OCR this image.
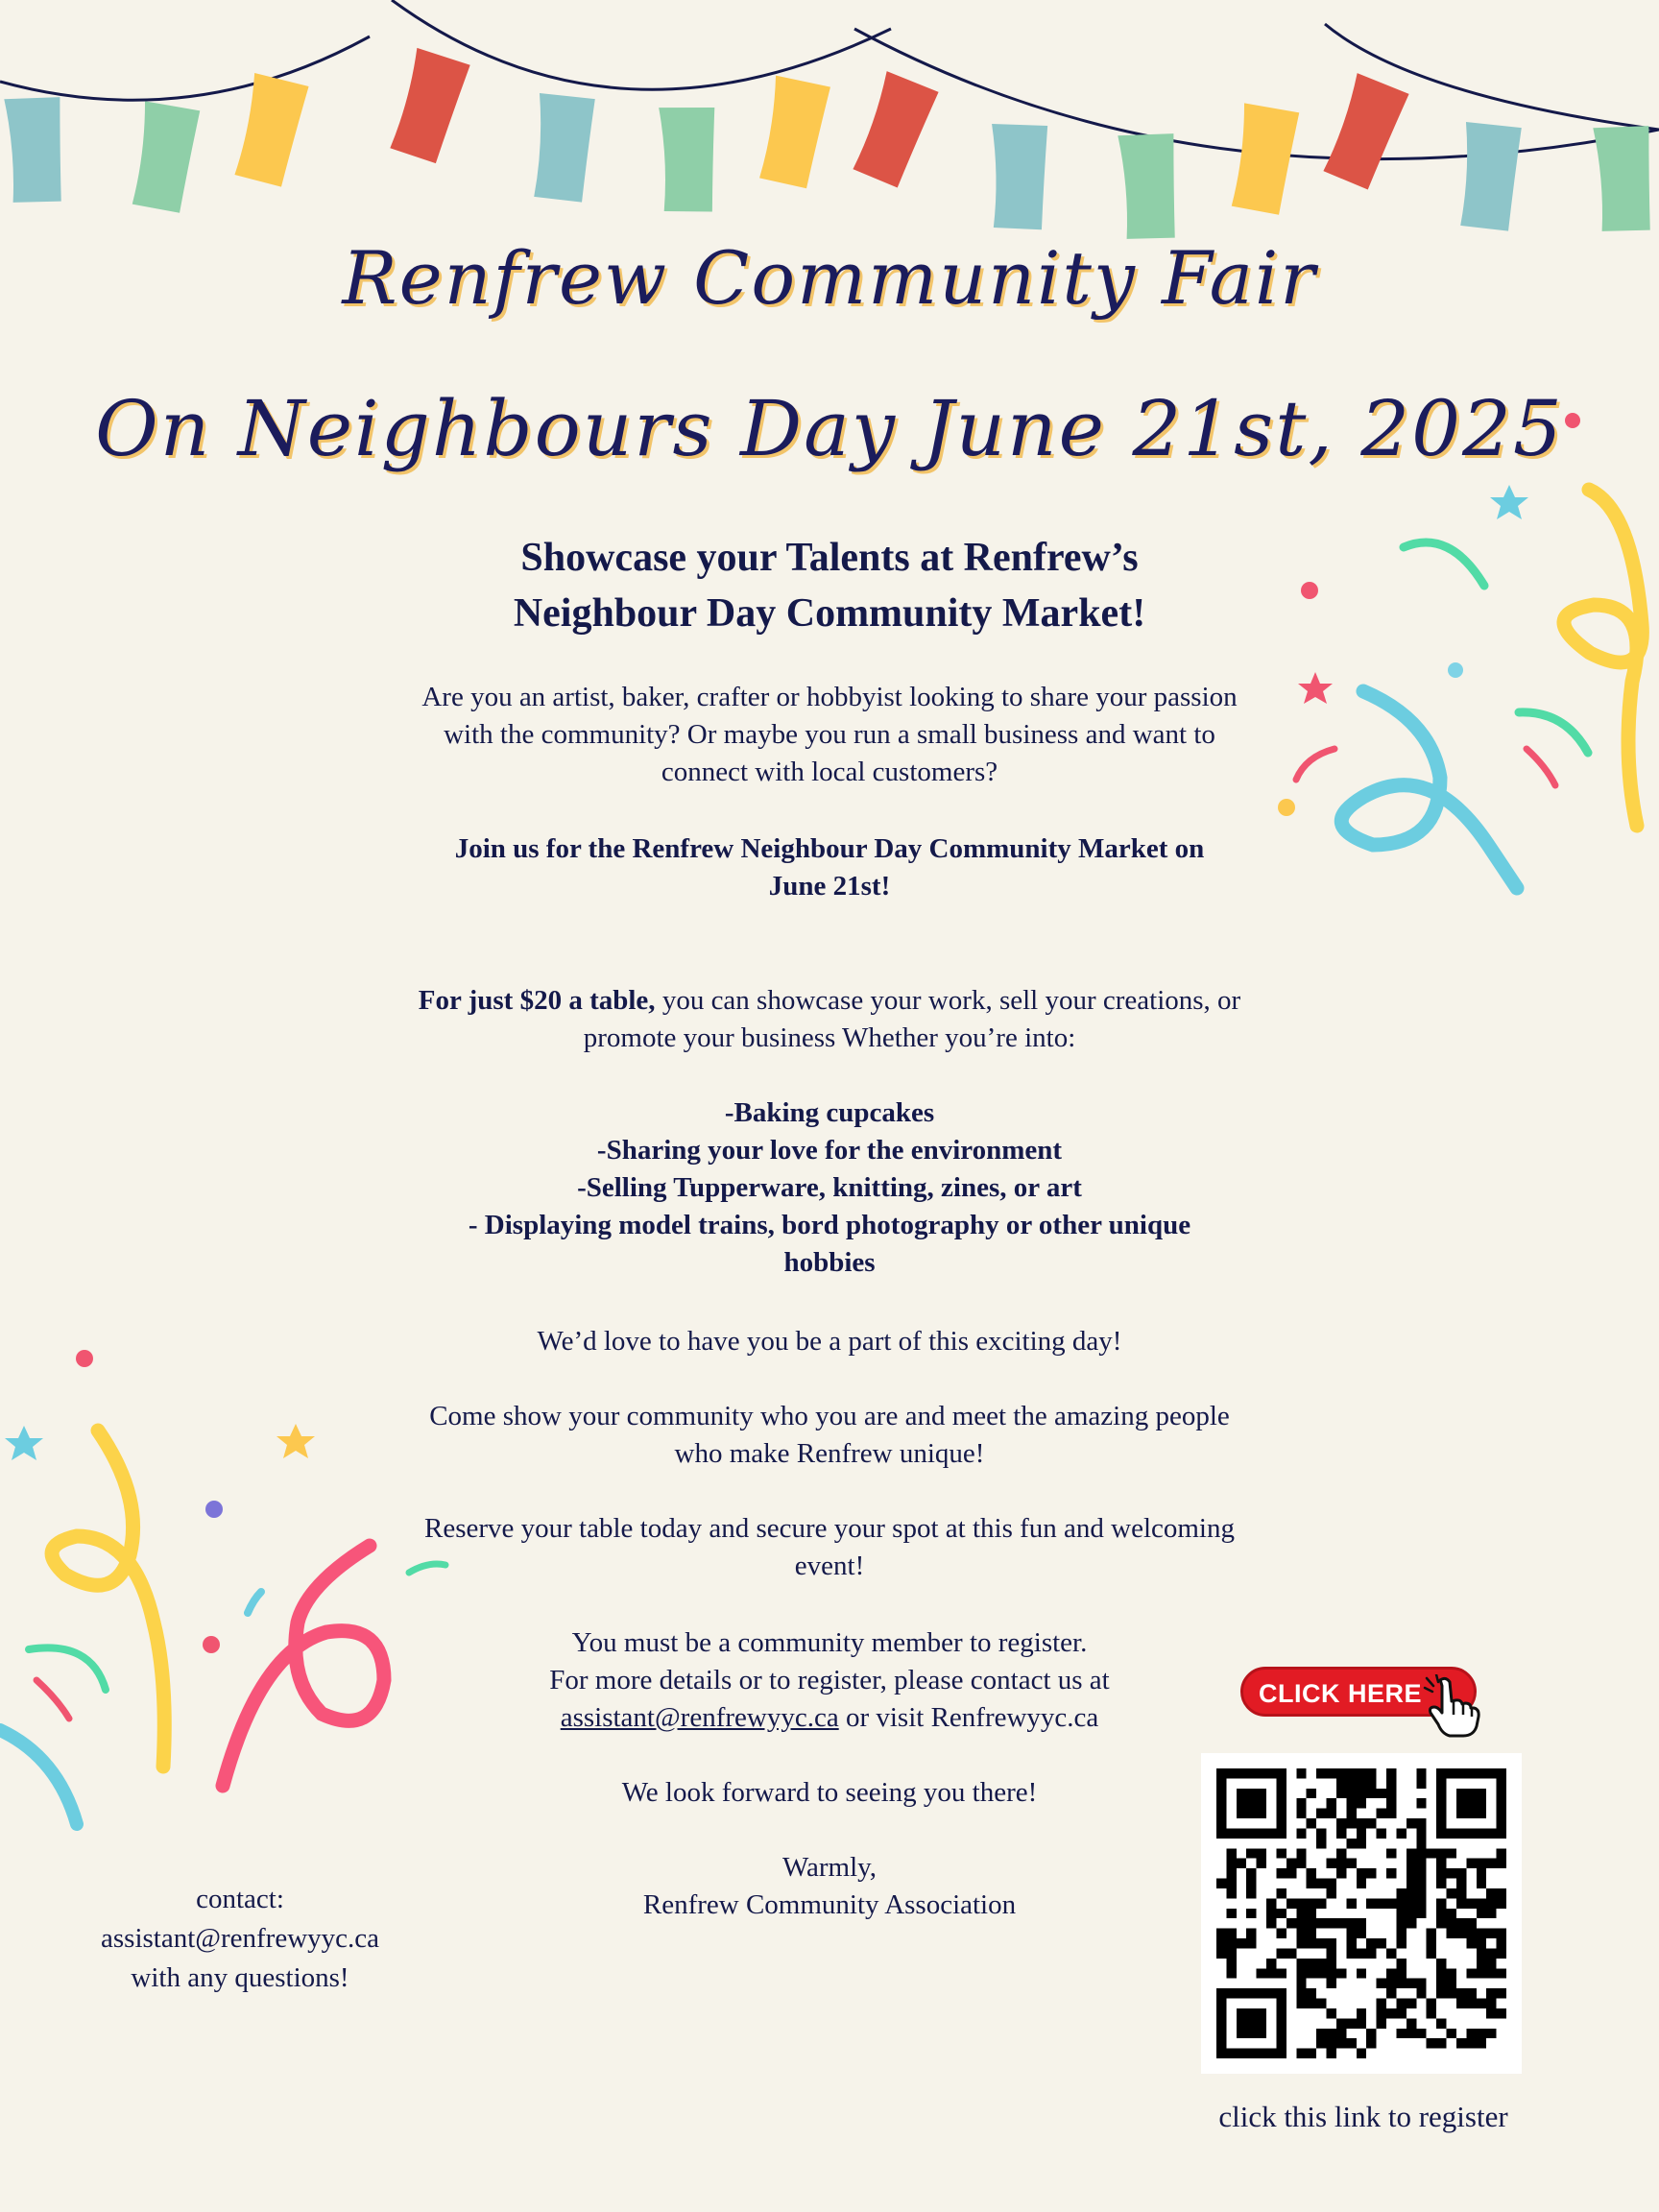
Renfrew Community Fair
On Neighbours Day June 21st, 2025
Showcase your Talents at Renfrew’s
Neighbour Day Community Market!
Are you an artist, baker, crafter or hobbyist looking to share your passion
with the community? Or maybe you run a small business and want to
connect with local customers?
Join us for the Renfrew Neighbour Day Community Market on
June 21st!
For just $20 a table, you can showcase your work, sell your creations, or
promote your business Whether you’re into:
-Baking cupcakes
-Sharing your love for the environment
-Selling Tupperware, knitting, zines, or art
- Displaying model trains, bord photography or other unique
hobbies
We’d love to have you be a part of this exciting day!
Come show your community who you are and meet the amazing people
who make Renfrew unique!
Reserve your table today and secure your spot at this fun and welcoming
event!
You must be a community member to register.
For more details or to register, please contact us at
assistant@renfrewyyc.ca or visit Renfrewyyc.ca
We look forward to seeing you there!
Warmly,
Renfrew Community Association
contact:
assistant@renfrewyyc.ca
with any questions!
CLICK HERE
click this link to register
